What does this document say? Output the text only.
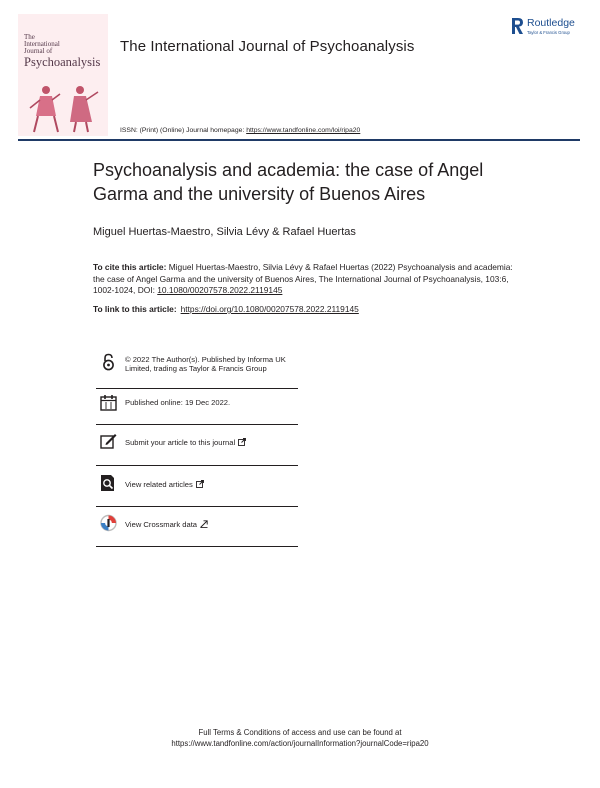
The
International
Journal of
Psychoanalysis
The International Journal of Psychoanalysis
ISSN: (Print) (Online) Journal homepage: https://www.tandfonline.com/loi/ripa20
Routledge
Taylor & Francis Group
Psychoanalysis and academia: the case of Angel Garma and the university of Buenos Aires
Miguel Huertas-Maestro, Silvia Lévy & Rafael Huertas
To cite this article: Miguel Huertas-Maestro, Silvia Lévy & Rafael Huertas (2022) Psychoanalysis and academia: the case of Angel Garma and the university of Buenos Aires, The International Journal of Psychoanalysis, 103:6, 1002-1024, DOI: 10.1080/00207578.2022.2119145
To link to this article: https://doi.org/10.1080/00207578.2022.2119145
© 2022 The Author(s). Published by Informa UK Limited, trading as Taylor & Francis Group
Published online: 19 Dec 2022.
Submit your article to this journal
View related articles
View Crossmark data
Full Terms & Conditions of access and use can be found at
https://www.tandfonline.com/action/journalInformation?journalCode=ripa20
